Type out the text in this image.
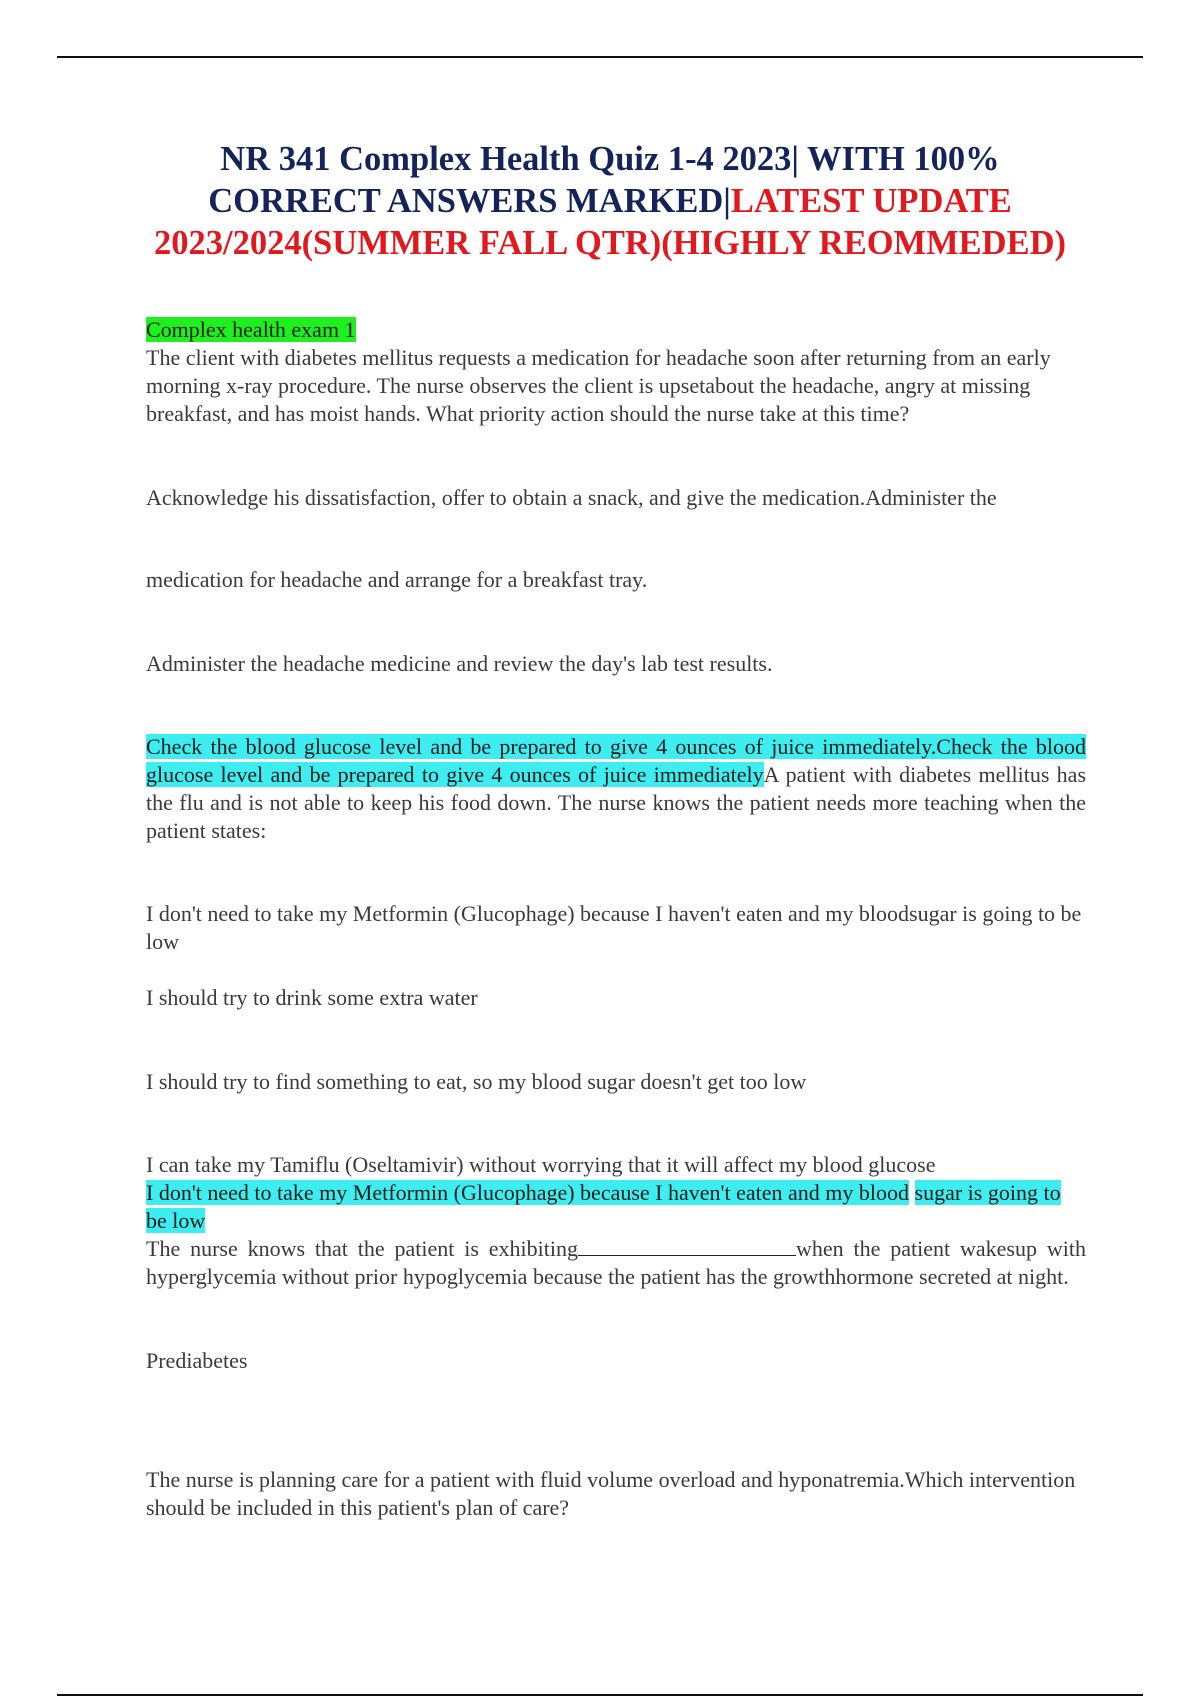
NR 341 Complex Health Quiz 1-4 2023| WITH 100% CORRECT ANSWERS MARKED|LATEST UPDATE 2023/2024(SUMMER FALL QTR)(HIGHLY REOMMEDED)
Complex health exam 1

The client with diabetes mellitus requests a medication for headache soon after returning from an early morning x-ray procedure. The nurse observes the client is upsetabout the headache, angry at missing breakfast, and has moist hands. What priority action should the nurse take at this time?

Acknowledge his dissatisfaction, offer to obtain a snack, and give the medication.Administer the

medication for headache and arrange for a breakfast tray.

Administer the headache medicine and review the day's lab test results.

Check the blood glucose level and be prepared to give 4 ounces of juice immediately.Check the blood glucose level and be prepared to give 4 ounces of juice immediatelyA patient with diabetes mellitus has the flu and is not able to keep his food down. The nurse knows the patient needs more teaching when the patient states:

I don't need to take my Metformin (Glucophage) because I haven't eaten and my bloodsugar is going to be low

I should try to drink some extra water

I should try to find something to eat, so my blood sugar doesn't get too low

I can take my Tamiflu (Oseltamivir) without worrying that it will affect my blood glucose

I don't need to take my Metformin (Glucophage) because I haven't eaten and my blood sugar is going to be low

The nurse knows that the patient is exhibiting	when the patient wakesup with hyperglycemia without prior hypoglycemia because the patient has the growthhormone secreted at night.

Prediabetes

The nurse is planning care for a patient with fluid volume overload and hyponatremia.Which intervention should be included in this patient's plan of care?
